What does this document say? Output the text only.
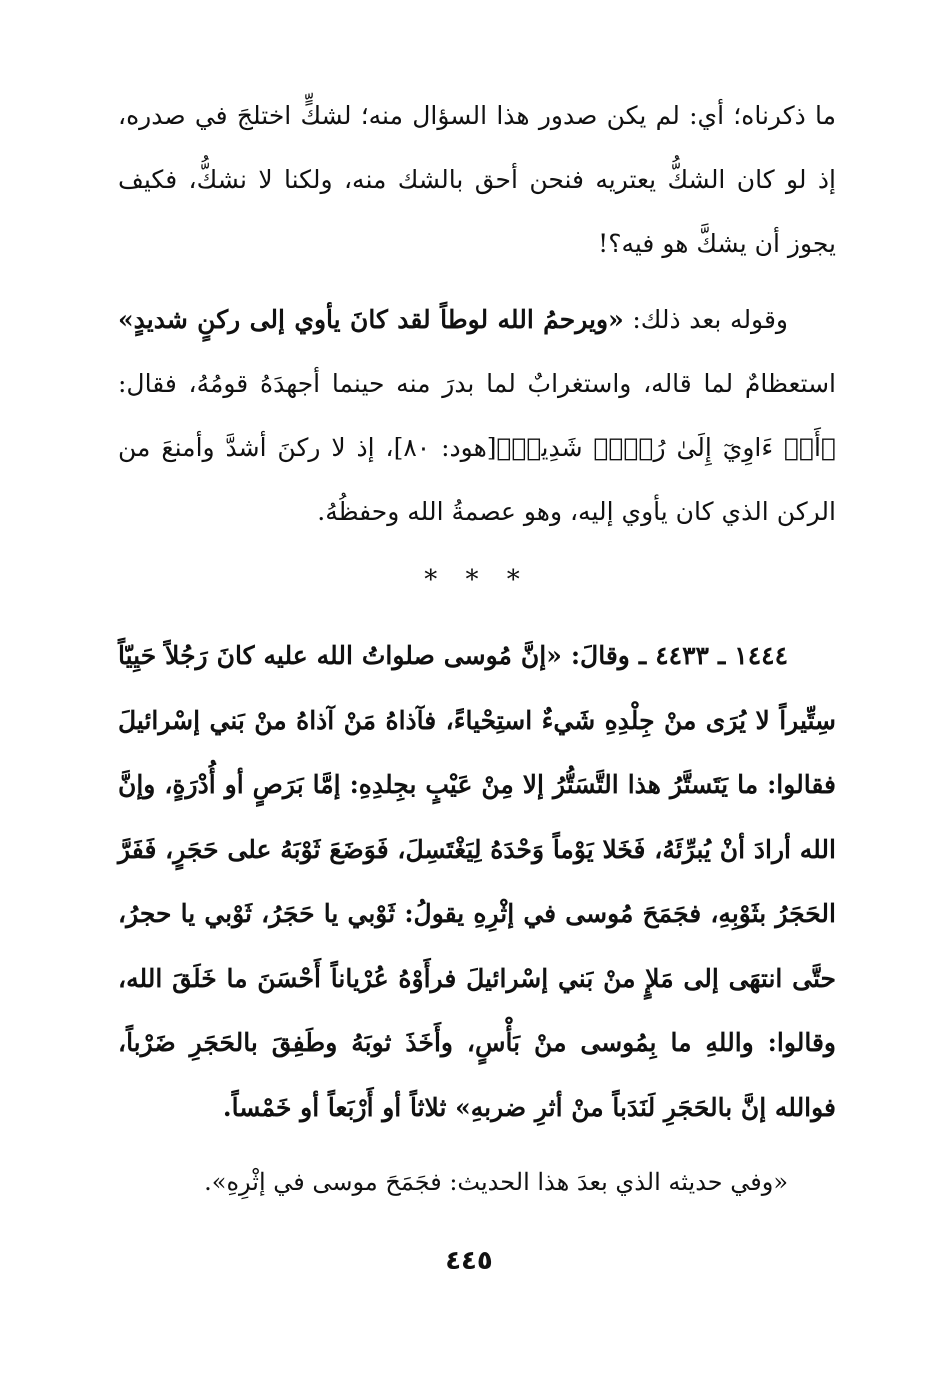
ما ذكرناه؛ أي: لم يكن صدور هذا السؤال منه؛ لشكٍّ اختلجَ في صدره، إذ لو كان الشكُّ يعتريه فنحن أحق بالشك منه، ولكنا لا نشكُّ، فكيف يجوز أن يشكَّ هو فيه؟!

وقوله بعد ذلك: «ويرحمُ الله لوطاً لقد كانَ يأوي إلى ركنٍ شديدٍ» استعظامٌ لما قاله، واستغرابٌ لما بدرَ منه حينما أجهدَهُ قومُهُ، فقال: ﴿أَوۡ ءَاوِيٓ إِلَىٰ رُكۡنٖ شَدِيدٖ﴾[هود: ٨٠]، إذ لا ركنَ أشدَّ وأمنعَ من الركن الذي كان يأوي إليه، وهو عصمةُ الله وحفظُهُ.

* * *

١٤٤٤ ـ ٤٤٣٣ ـ وقالَ: «إنَّ مُوسى صلواتُ الله عليه كانَ رَجُلاً حَيِيّاً سِتِّيراً لا يُرَى منْ جِلْدِهِ شَيءٌ استِحْياءً، فآذاهُ مَنْ آذاهُ منْ بَني إسْرائيلَ فقالوا: ما يَتَستَّرُ هذا التَّسَتُّرُ إلا مِنْ عَيْبٍ بجِلدِهِ: إمَّا بَرَصٍ أو أُدْرَةٍ، وإنَّ الله أرادَ أنْ يُبرِّئَهُ، فَخَلا يَوْماً وَحْدَهُ لِيَغْتَسِلَ، فَوَضَعَ ثَوْبَهُ على حَجَرٍ، فَفَرَّ الحَجَرُ بثَوْبِهِ، فجَمَحَ مُوسى في إثْرِهِ يقولُ: ثَوْبي يا حَجَرُ، ثَوْبي يا حجرُ، حتَّى انتهَى إلى مَلإٍ منْ بَني إسْرائيلَ فرأَوْهُ عُرْياناً أَحْسَنَ ما خَلَقَ الله، وقالوا: واللهِ ما بِمُوسى منْ بَأْسٍ، وأَخَذَ ثوبَهُ وطَفِقَ بالحَجَرِ ضَرْباً، فوالله إنَّ بالحَجَرِ لَنَدَباً منْ أثرِ ضربهِ» ثلاثاً أو أَرْبَعاً أو خَمْساً.

«وفي حديثه الذي بعدَ هذا الحديث: فجَمَحَ موسى في إثْرِهِ».

٤٤٥
